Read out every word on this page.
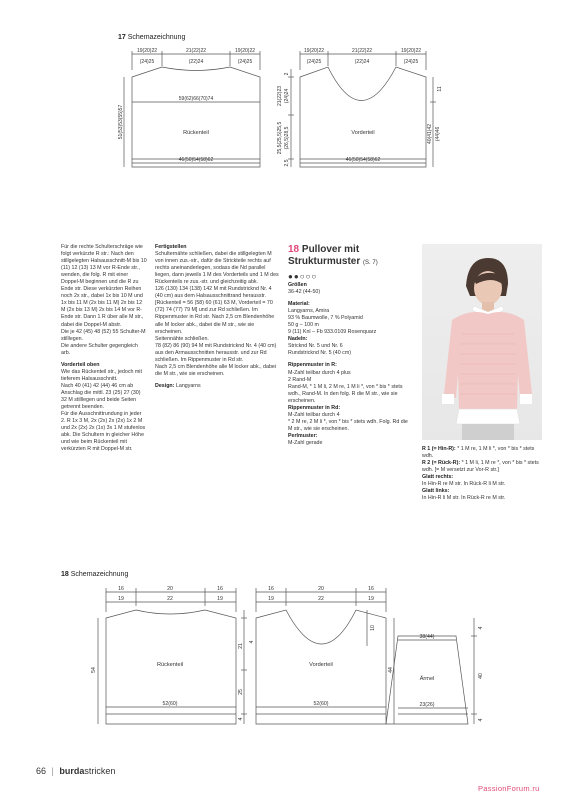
17 Schemazeichnung
19(20)22	21(22)22	19(20)22
(24)25	(22)24	(24)25
59(62)66(70)74
Rückenteil
46(50)54(58)62
51(53)53(55)57
19(20)22	21(22)22	19(20)22
(24)25	(22)24	(24)25
Vorderteil
46(50)54(58)62
2
21(22)23 (24)24
25,5(25,5)25,5 (26,5)28,5
2,5
11
40(41)42 (44)46

Für die rechte Schulterschräge wie folgt verkürzte R str.: Nach den stillgelegten Halsausschnitt-M bis 10 (11) 12 (13) 13 M vor R-Ende str., wenden, die folg. R mit einer Doppel-M beginnen und die R zu Ende str. Diese verkürzten Reihen noch 2x str., dabei 1x bis 10 M und 1x bis 11 M (2x bis 11 M) 2x bis 12 M (2x bis 13 M) 2x bis 14 M vor R-Ende str. Dann 1 R über alle M str., dabei die Doppel-M abstr.

Die je 42 (45) 48 (52) 55 Schulter-M stilllegen.

Die andere Schulter gegengleich arb.

Vorderteil oben

Wie das Rückenteil str., jedoch mit tieferem Halsausschnitt.

Nach 40 (41) 42 (44) 46 cm ab Anschlag die mittl. 23 (25) 27 (30) 32 M stilllegen und beide Seiten getrennt beenden.

Für die Ausschnittrundung in jeder 2. R 1x 3 M, 2x (2x) 2x (2x) 1x 2 M und 2x (2x) 2x (1x) 3x 1 M stufenlos abk. Die Schultern in gleicher Höhe und wie beim Rückenteil mit verkürzten R mit Doppel-M str.

Fertigstellen

Schulternähte schließen, dabei die stillgelegten M von innen zus.-str., dafür die Strickteile rechts auf rechts aneinanderlegen, sodass die Nd parallel liegen, dann jeweils 1 M des Vorderteils und 1 M des Rückenteils re zus.-str. und gleichzeitig abk.

126 (130) 134 (138) 142 M mit Rundstricknd Nr. 4 (40 cm) aus dem Halsausschnittrand herausstr. [Rückenteil = 56 (58) 60 (61) 63 M, Vorderteil = 70 (72) 74 (77) 79 M] und zur Rd schließen. Im Rippenmuster in Rd str. Nach 2,5 cm Blendenhöhe alle M locker abk., dabei die M str., wie sie erscheinen.

Seitennähte schließen.

78 (82) 86 (90) 94 M mit Rundstricknd Nr. 4 (40 cm) aus den Armausschnitten herausstr. und zur Rd schließen. Im Rippenmuster in Rd str.

Nach 2,5 cm Blendenhöhe alle M locker abk., dabei die M str., wie sie erscheinen.

Design: Langyarns

18 Pullover mit
Strukturmuster (S. 7)
●●○○○

Größen

36-42 (44-50)

Material:

Langyarns, Amira

93 % Baumwolle, 7 % Polyamid

50 g – 100 m

9 (11) Knl – Fb 933.0109 Rosenquarz

Nadeln:

Stricknd Nr. 5 und Nr. 6

Rundstricknd Nr. 5 (40 cm)

Rippenmuster in R:

M-Zahl teilbar durch 4 plus

2 Rand-M

Rand-M, * 1 M li, 2 M re, 1 M li *, von * bis * stets wdh., Rand-M. In den folg. R die M str., wie sie erscheinen.

Rippenmuster in Rd:

M-Zahl teilbar durch 4

* 2 M re, 2 M li *, von * bis * stets wdh. Folg. Rd die M str., wie sie erscheinen.

Perlmuster:

M-Zahl gerade

R 1 (= Hin-R): * 1 M re, 1 M li *, von * bis * stets wdh.

R 2 (= Rück-R): * 1 M li, 1 M re *, von * bis * stets wdh. [= M versetzt zur Vor-R str.]

Glatt rechts:

In Hin-R re M str. In Rück-R li M str.

Glatt links:

In Hin-R li M str. In Rück-R re M str.

18 Schemazeichnung
16	20	16
19	22	19
Rückenteil
52(60)
54
21
4
25
4
16	20	16
19	22	19
Vorderteil
52(60)
10
44
38(44)
Ärmel
23(26)
4
40
4
66 | burdastricken
PassionForum.ru
